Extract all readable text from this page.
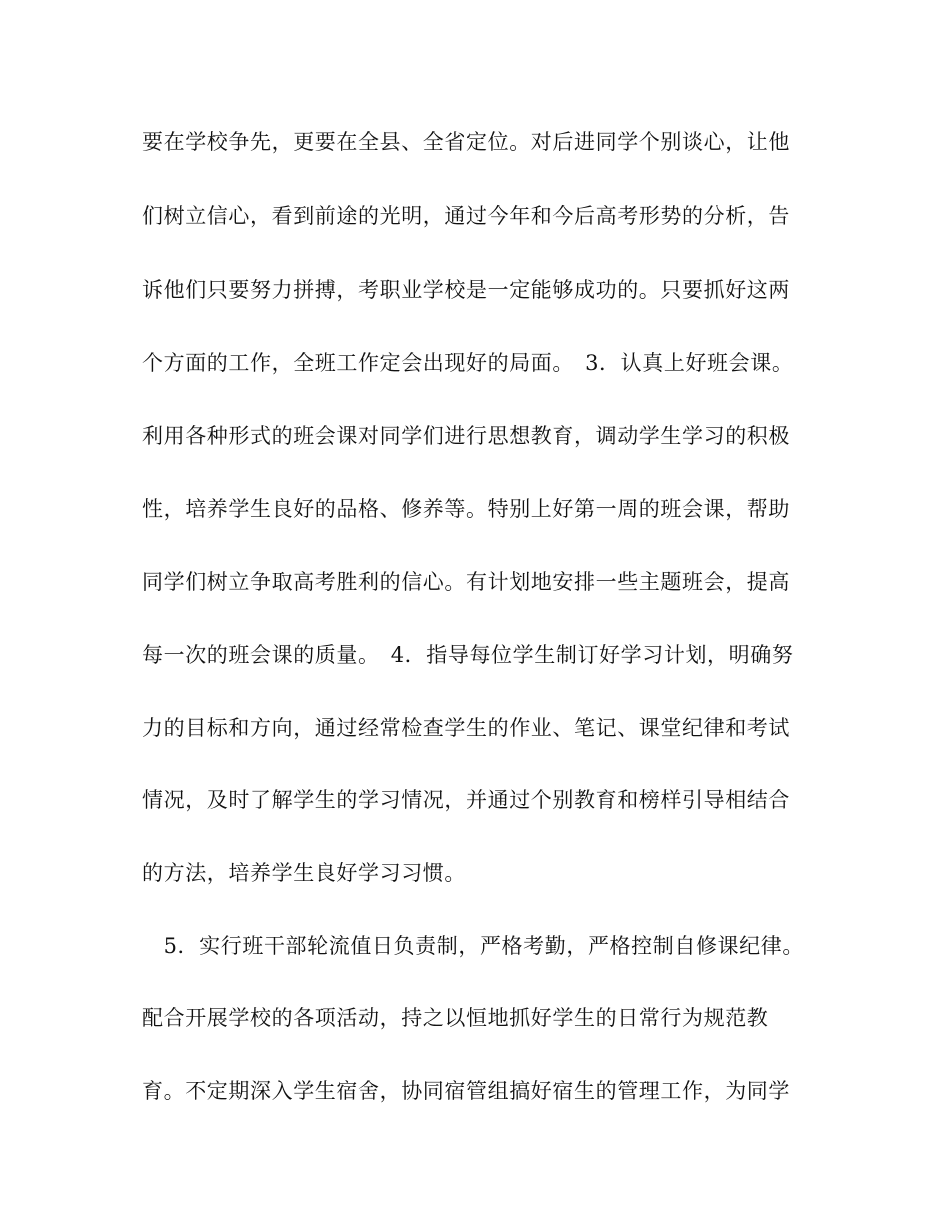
要在学校争先，更要在全县、全省定位。对后进同学个别谈心，让他
们树立信心，看到前途的光明，通过今年和今后高考形势的分析，告
诉他们只要努力拼搏，考职业学校是一定能够成功的。只要抓好这两
个方面的工作，全班工作定会出现好的局面。　3．认真上好班会课。
利用各种形式的班会课对同学们进行思想教育，调动学生学习的积极
性，培养学生良好的品格、修养等。特别上好第一周的班会课，帮助
同学们树立争取高考胜利的信心。有计划地安排一些主题班会，提高
每一次的班会课的质量。　4．指导每位学生制订好学习计划，明确努
力的目标和方向，通过经常检查学生的作业、笔记、课堂纪律和考试
情况，及时了解学生的学习情况，并通过个别教育和榜样引导相结合
的方法，培养学生良好学习习惯。
　5．实行班干部轮流值日负责制，严格考勤，严格控制自修课纪律。
配合开展学校的各项活动，持之以恒地抓好学生的日常行为规范教
育。不定期深入学生宿舍，协同宿管组搞好宿生的管理工作，为同学
